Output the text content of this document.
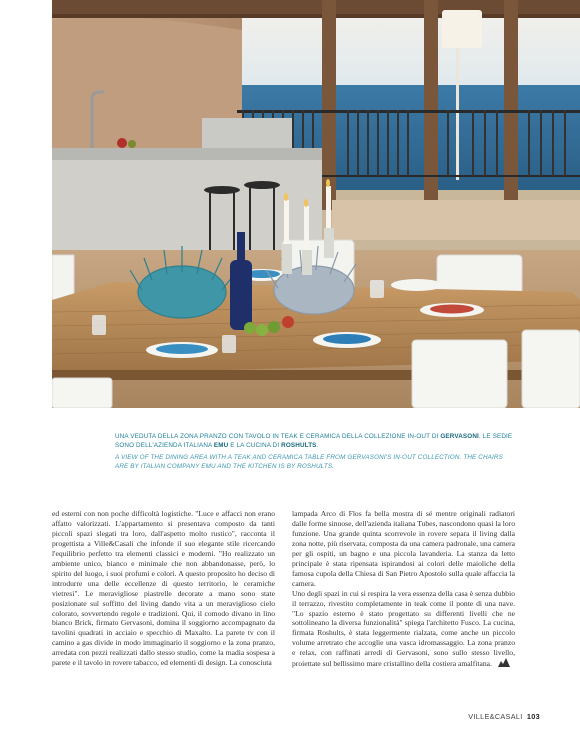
UNA VEDUTA DELLA ZONA PRANZO CON TAVOLO IN TEAK E CERAMICA DELLA COLLEZIONE IN-OUT DI GERVASONI. LE SEDIE SONO DELL'AZIENDA ITALIANA EMU E LA CUCINA DI ROSHULTS.

A VIEW OF THE DINING AREA WITH A TEAK AND CERAMICA TABLE FROM GERVASONI'S IN-OUT COLLECTION. THE CHAIRS ARE BY ITALIAN COMPANY EMU AND THE KITCHEN IS BY ROSHULTS.

ed esterni con non poche difficoltà logistiche. "Luce e affacci non erano affatto valorizzati. L'appartamento si presentava composto da tanti piccoli spazi slegati tra loro, dall'aspetto molto rustico", racconta il progettista a Ville&Casali che infonde il suo elegante stile ricercando l'equilibrio perfetto tra elementi classici e moderni. "Ho realizzato un ambiente unico, bianco e minimale che non abbandonasse, però, lo spirito del luogo, i suoi profumi e colori. A questo proposito ho deciso di introdurre una delle eccellenze di questo territorio, le ceramiche vietresi". Le meravigliose piastrelle decorate a mano sono state posizionate sul soffitto del living dando vita a un meraviglioso cielo colorato, sovvertendo regole e tradizioni. Qui, il comodo divano in lino bianco Brick, firmato Gervasoni, domina il soggiorno accompagnato da tavolini quadrati in acciaio e specchio di Maxalto. La parete tv con il camino a gas divide in modo immaginario il soggiorno e la zona pranzo, arredata con pezzi realizzati dallo stesso studio, come la madia sospesa a parete e il tavolo in rovere tabacco, ed elementi di design. La conosciuta

lampada Arco di Flos fa bella mostra di sé mentre originali radiatori dalle forme sinuose, dell'azienda italiana Tubes, nascondono quasi la loro funzione. Una grande quinta scorrevole in rovere separa il living dalla zona notte, più riservata, composta da una camera padronale, una camera per gli ospiti, un bagno e una piccola lavanderia. La stanza da letto principale è stata ripensata ispirandosi ai colori delle maioliche della famosa cupola della Chiesa di San Pietro Apostolo sulla quale affaccia la camera.

Uno degli spazi in cui si respira la vera essenza della casa è senza dubbio il terrazzo, rivestito completamente in teak come il ponte di una nave. "Lo spazio esterno è stato progettato su differenti livelli che ne sottolineano la diversa funzionalità" spiega l'architetto Fusco. La cucina, firmata Roshults, è stata leggermente rialzata, come anche un piccolo volume arretrato che accoglie una vasca idromassaggio. La zona pranzo e relax, con raffinati arredi di Gervasoni, sono sullo stesso livello, proiettate sul bellissimo mare cristallino della costiera amalfitana.

VILLE&CASALI 103
